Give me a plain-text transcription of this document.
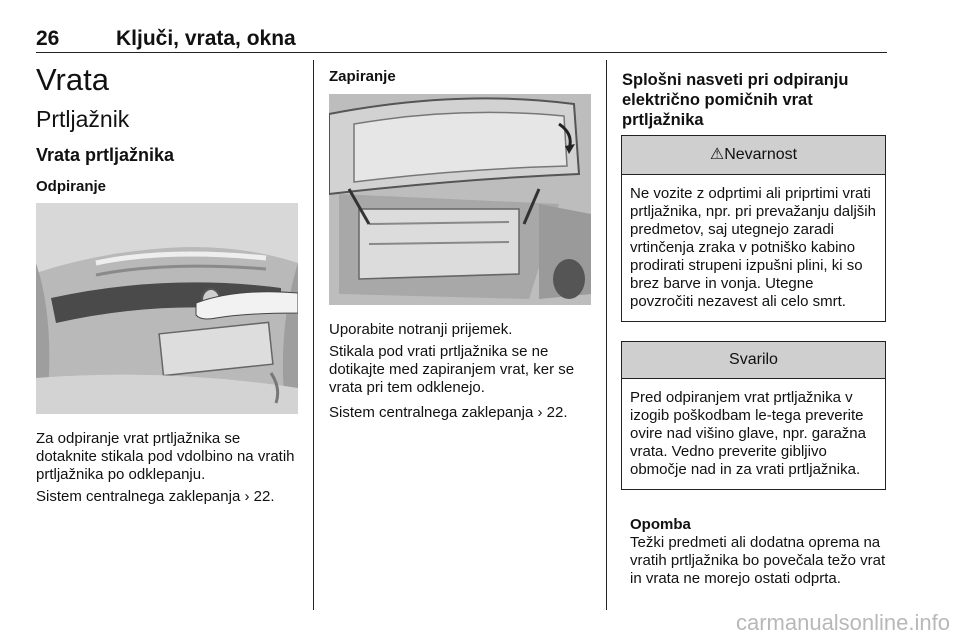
26	Ključi, vrata, okna
Vrata
Prtljažnik
Vrata prtljažnika
Odpiranje
Za odpiranje vrat prtljažnika se dotaknite stikala pod vdolbino na vratih prtljažnika po odklepanju.
Sistem centralnega zaklepanja › 22.
Zapiranje
Uporabite notranji prijemek.
Stikala pod vrati prtljažnika se ne dotikajte med zapiranjem vrat, ker se vrata pri tem odklenejo.
Sistem centralnega zaklepanja › 22.
Splošni nasveti pri odpiranju električno pomičnih vrat prtljažnika
⚠Nevarnost
Ne vozite z odprtimi ali priprtimi vrati prtljažnika, npr. pri prevažanju daljših predmetov, saj utegnejo zaradi vrtinčenja zraka v potniško kabino prodirati strupeni izpušni plini, ki so brez barve in vonja. Utegne povzročiti nezavest ali celo smrt.
Svarilo
Pred odpiranjem vrat prtljažnika v izogib poškodbam le-tega preverite ovire nad višino glave, npr. garažna vrata. Vedno preverite gibljivo območje nad in za vrati prtljažnika.
Opomba
Težki predmeti ali dodatna oprema na vratih prtljažnika bo povečala težo vrat in vrata ne morejo ostati odprta.
carmanualsonline.info
